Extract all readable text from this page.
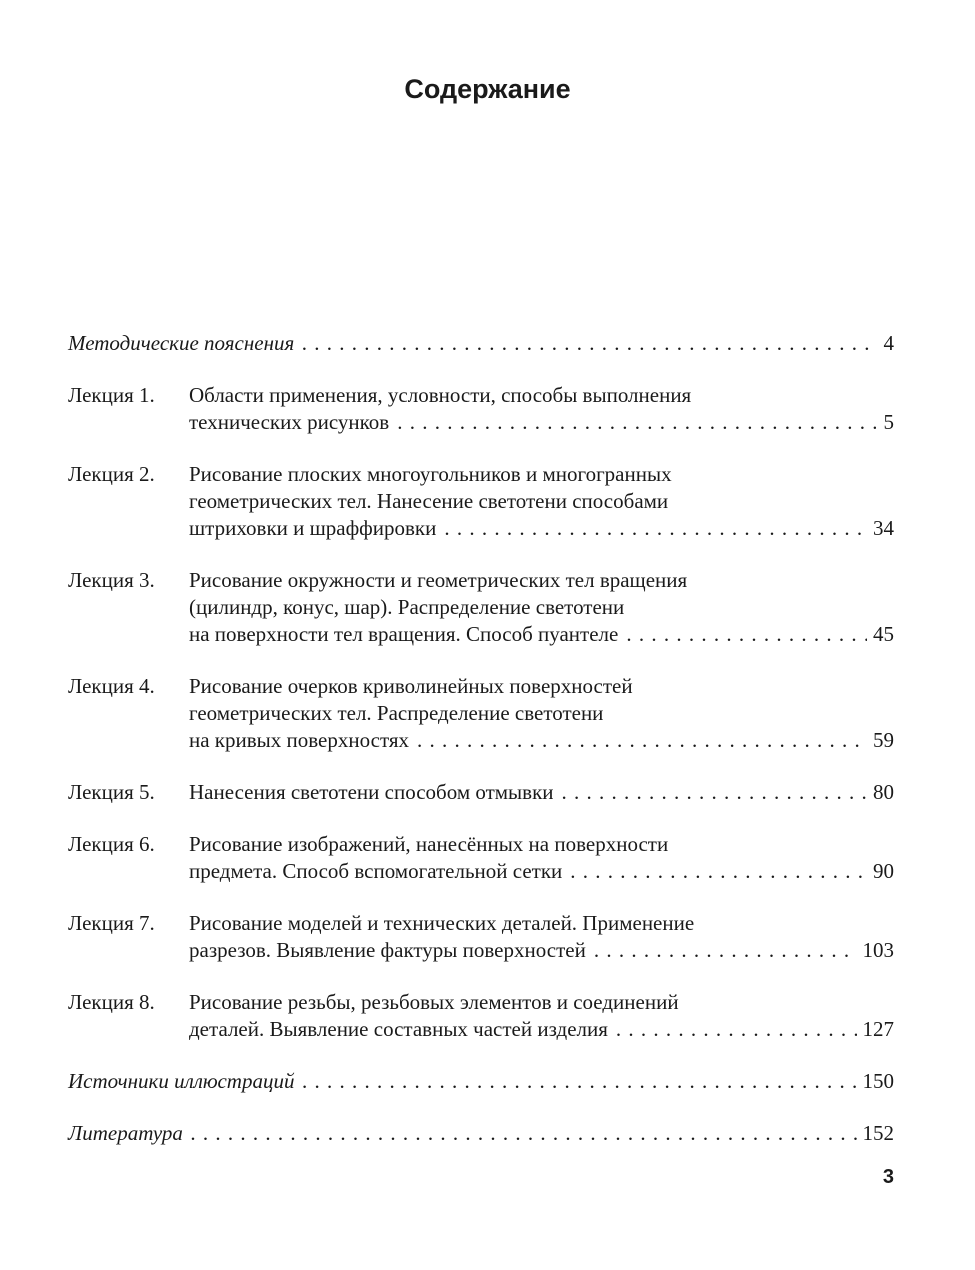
Содержание
Методические пояснения . . .	4
Лекция 1.	Области применения, условности, способы выполнения
технических рисунков . . .	5
Лекция 2.	Рисование плоских многоугольников и многогранных
геометрических тел. Нанесение светотени способами
штриховки и шраффировки . . .	34
Лекция 3.	Рисование окружности и геометрических тел вращения
(цилиндр, конус, шар). Распределение светотени
на поверхности тел вращения. Способ пуантеле . . .	45
Лекция 4.	Рисование очерков криволинейных поверхностей
геометрических тел. Распределение светотени
на кривых поверхностях . . .	59
Лекция 5.	Нанесения светотени способом отмывки . . .	80
Лекция 6.	Рисование изображений, нанесённых на поверхности
предмета. Способ вспомогательной сетки . . .	90
Лекция 7.	Рисование моделей и технических деталей. Применение
разрезов. Выявление фактуры поверхностей . . .	103
Лекция 8.	Рисование резьбы, резьбовых элементов и соединений
деталей. Выявление составных частей изделия . . .	127
Источники иллюстраций . . .	150
Литература . . .	152
3
